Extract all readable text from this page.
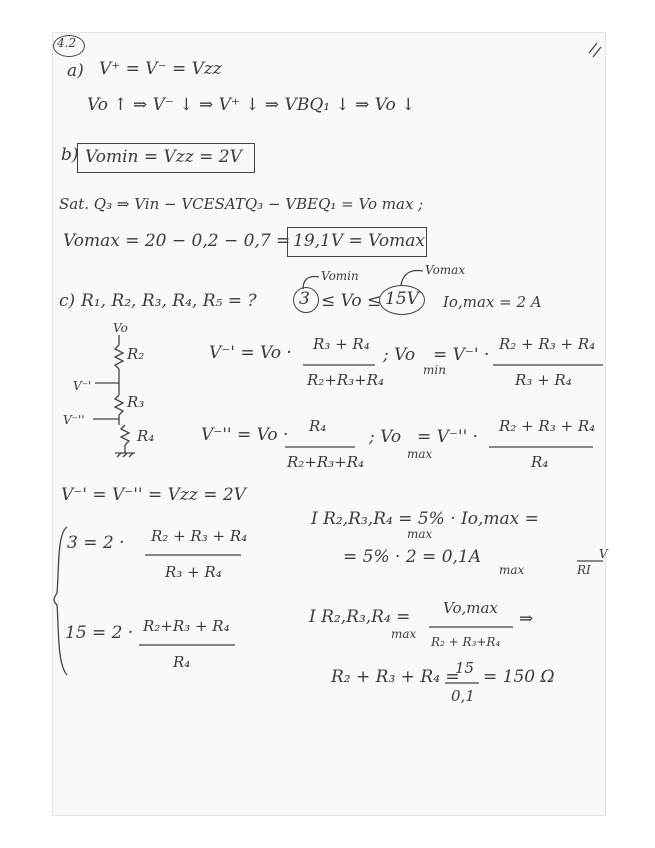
4.2
a) V⁺ = V⁻ = Vzz
Vo ↑ ⇒ V⁻ ↓ ⇒ V⁺ ↓ ⇒ VBQ₁ ↓ ⇒ Vo ↓
b) Vomin = Vzz = 2V
Sat. Q₃ ⇒ Vin − VCESATQ₃ − VBEQ₁ = Vo max ;
Vomax = 20 − 0,2 − 0,7 = 19,1V = Vomax
Vomin	Vomax
c) R₁, R₂, R₃, R₄, R₅ = ?	3 ≤ Vo ≤ 15V Io,max = 2 A
Vo
R₂
V⁻'
R₃
V⁻''
R₄
V⁻' = Vo · R₃ + R₄
R₂+R₃+R₄
; Vo
min
= V⁻' ·
R₂ + R₃ + R₄
R₃ + R₄
V⁻'' = Vo · R₄
R₂+R₃+R₄
; Vo
max
= V⁻'' ·
R₂ + R₃ + R₄
R₄
V⁻' = V⁻'' = Vzz = 2V
3 = 2 · R₂ + R₃ + R₄
R₃ + R₄
15 = 2 · R₂+R₃ + R₄
R₄
I R₂,R₃,R₄ = 5% · Io,max =
max
= 5% · 2 = 0,1A
max
V
RI
I R₂,R₃,R₄ =
max
Vo,max
R₂ + R₃+R₄
⇒
R₂ + R₃ + R₄ =
15
0,1
= 150 Ω
